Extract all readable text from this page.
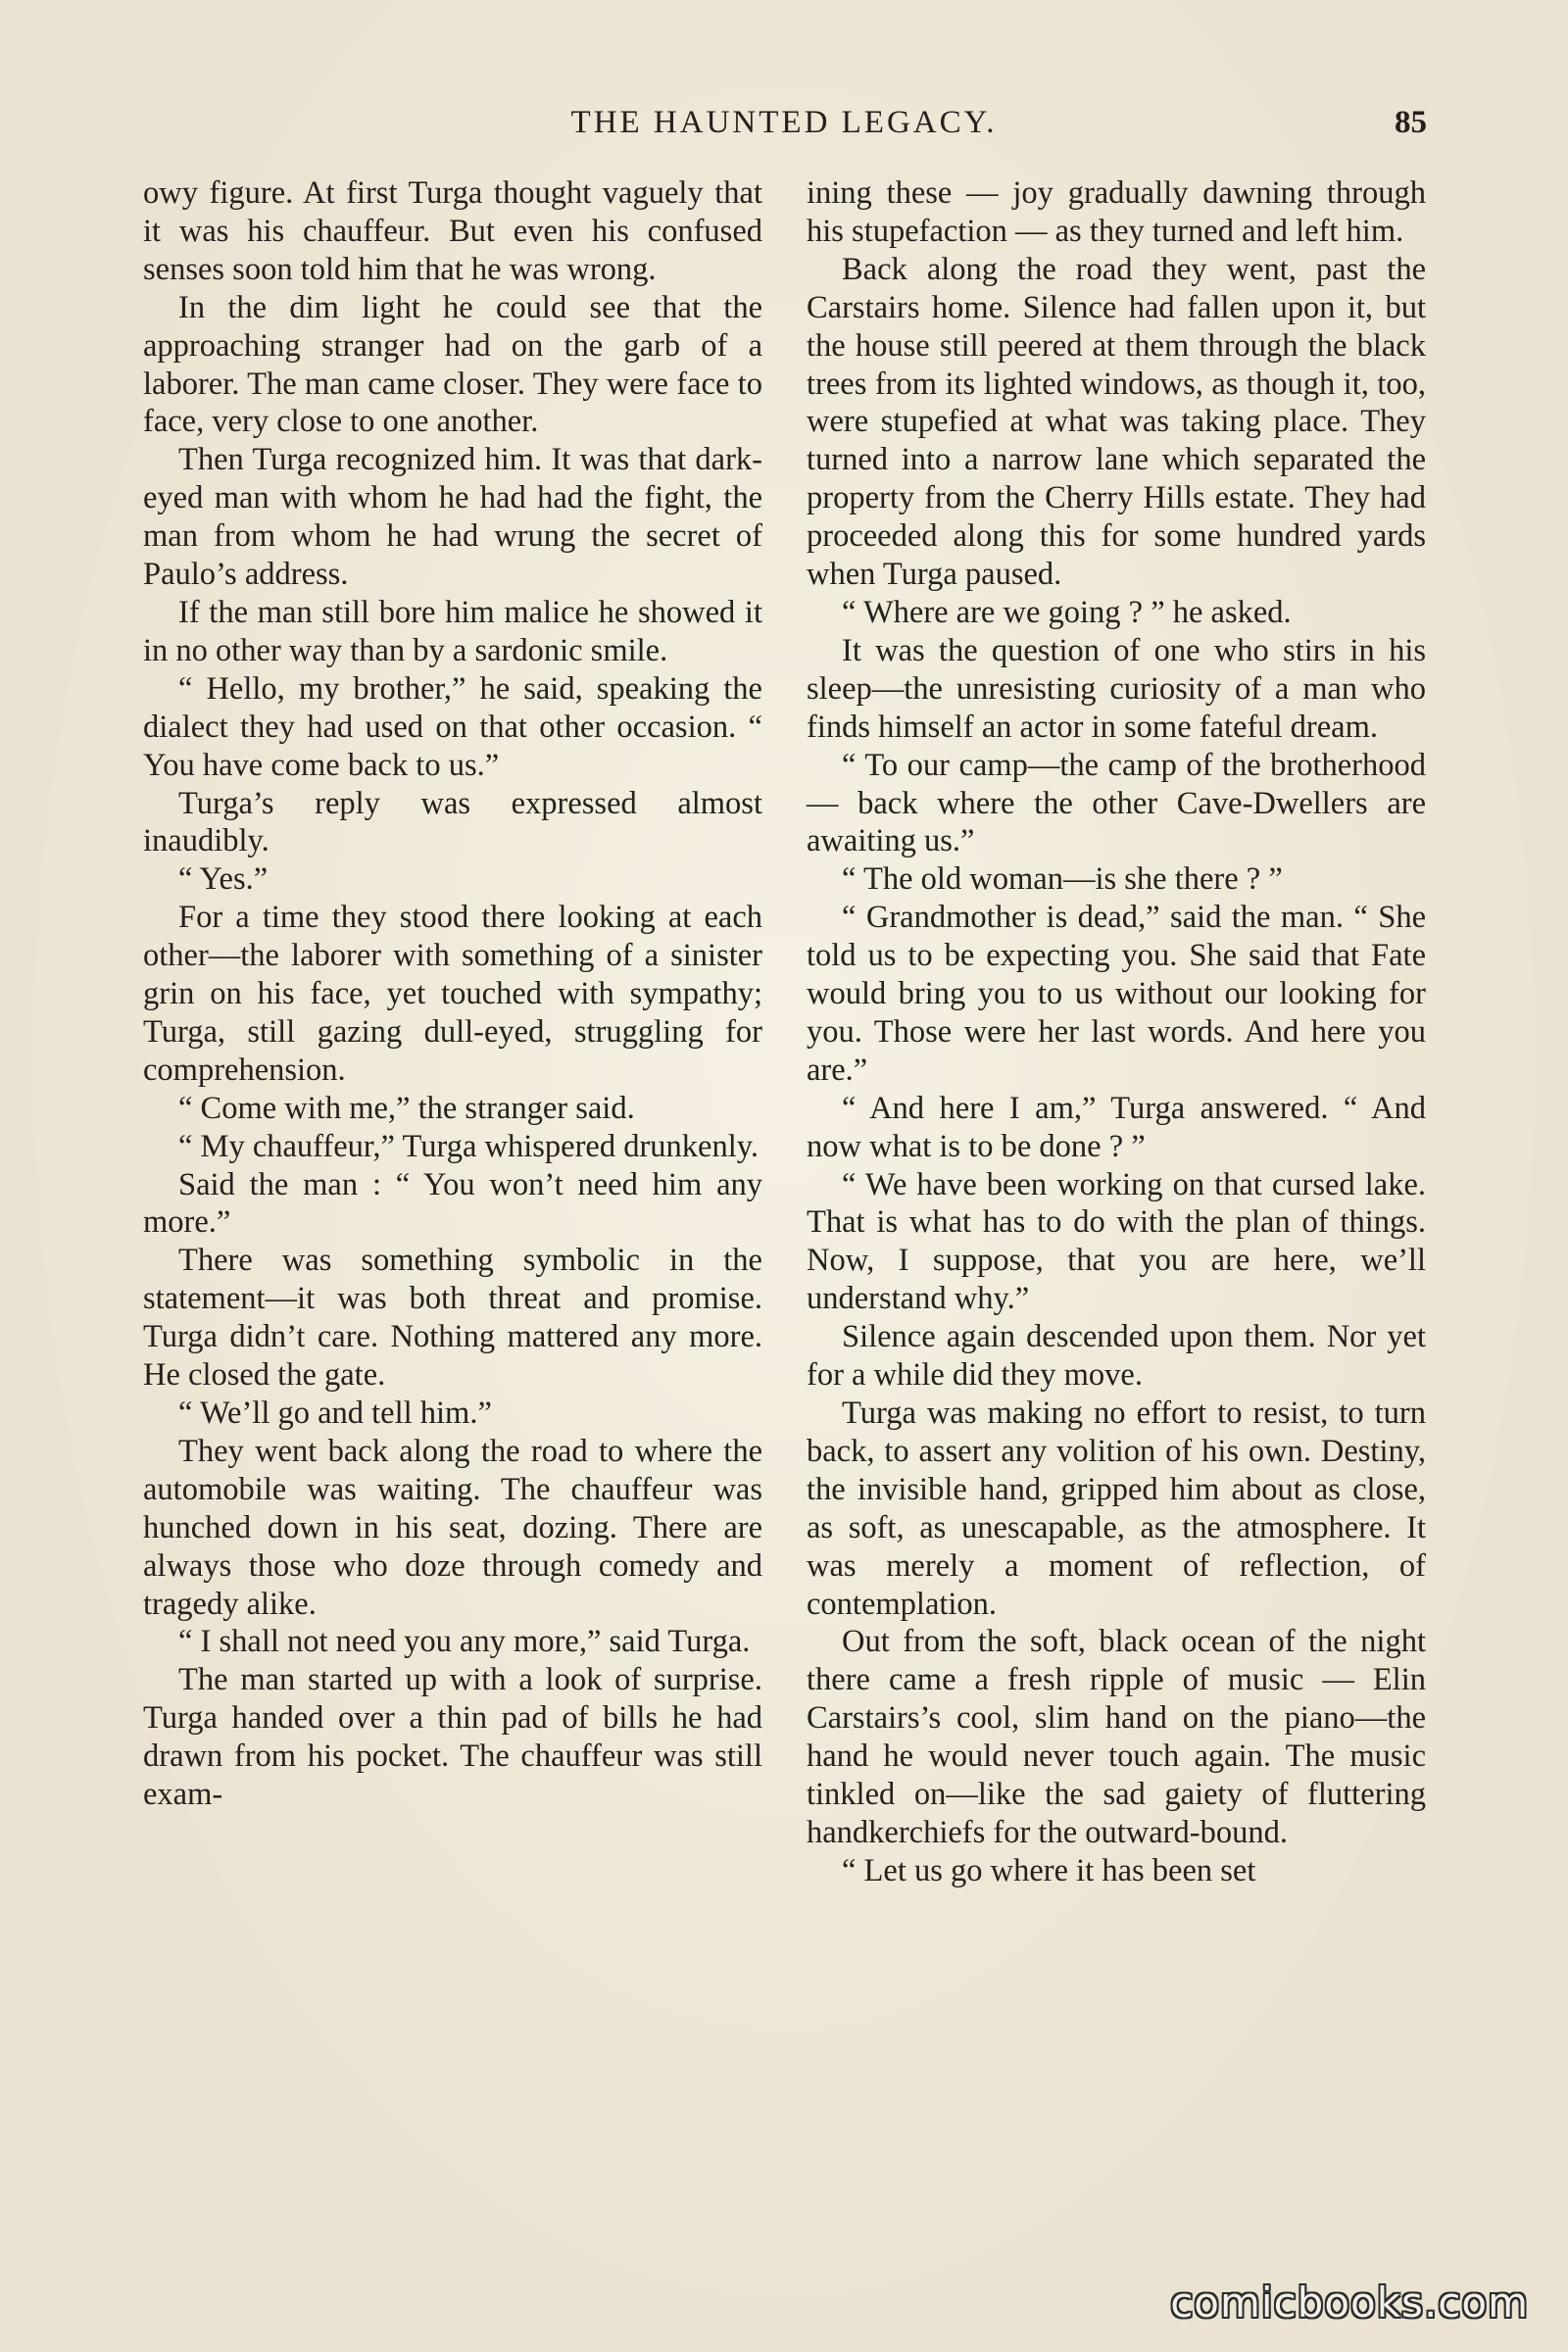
THE HAUNTED LEGACY.	85

owy figure. At first Turga thought vaguely that it was his chauffeur. But even his confused senses soon told him that he was wrong.

In the dim light he could see that the approaching stranger had on the garb of a laborer. The man came closer. They were face to face, very close to one another.

Then Turga recognized him. It was that dark-eyed man with whom he had had the fight, the man from whom he had wrung the secret of Paulo’s address.

If the man still bore him malice he showed it in no other way than by a sardonic smile.

“ Hello, my brother,” he said, speaking the dialect they had used on that other occasion. “ You have come back to us.”

Turga’s reply was expressed almost inaudibly.

“ Yes.”

For a time they stood there looking at each other—the laborer with something of a sinister grin on his face, yet touched with sympathy; Turga, still gazing dull-eyed, struggling for comprehension.

“ Come with me,” the stranger said.

“ My chauffeur,” Turga whispered drunkenly.

Said the man : “ You won’t need him any more.”

There was something symbolic in the statement—it was both threat and promise. Turga didn’t care. Nothing mattered any more. He closed the gate.

“ We’ll go and tell him.”

They went back along the road to where the automobile was waiting. The chauffeur was hunched down in his seat, dozing. There are always those who doze through comedy and tragedy alike.

“ I shall not need you any more,” said Turga.

The man started up with a look of surprise. Turga handed over a thin pad of bills he had drawn from his pocket. The chauffeur was still exam-

ining these — joy gradually dawning through his stupefaction — as they turned and left him.

Back along the road they went, past the Carstairs home. Silence had fallen upon it, but the house still peered at them through the black trees from its lighted windows, as though it, too, were stupefied at what was taking place. They turned into a narrow lane which separated the property from the Cherry Hills estate. They had proceeded along this for some hundred yards when Turga paused.

“ Where are we going ? ” he asked.

It was the question of one who stirs in his sleep—the unresisting curiosity of a man who finds himself an actor in some fateful dream.

“ To our camp—the camp of the brotherhood — back where the other Cave-Dwellers are awaiting us.”

“ The old woman—is she there ? ”

“ Grandmother is dead,” said the man. “ She told us to be expecting you. She said that Fate would bring you to us without our looking for you. Those were her last words. And here you are.”

“ And here I am,” Turga answered. “ And now what is to be done ? ”

“ We have been working on that cursed lake. That is what has to do with the plan of things. Now, I suppose, that you are here, we’ll understand why.”

Silence again descended upon them. Nor yet for a while did they move.

Turga was making no effort to resist, to turn back, to assert any volition of his own. Destiny, the invisible hand, gripped him about as close, as soft, as unescapable, as the atmosphere. It was merely a moment of reflection, of contemplation.

Out from the soft, black ocean of the night there came a fresh ripple of music — Elin Carstairs’s cool, slim hand on the piano—the hand he would never touch again. The music tinkled on—like the sad gaiety of fluttering handkerchiefs for the outward-bound.

“ Let us go where it has been set

comicbooks.com
